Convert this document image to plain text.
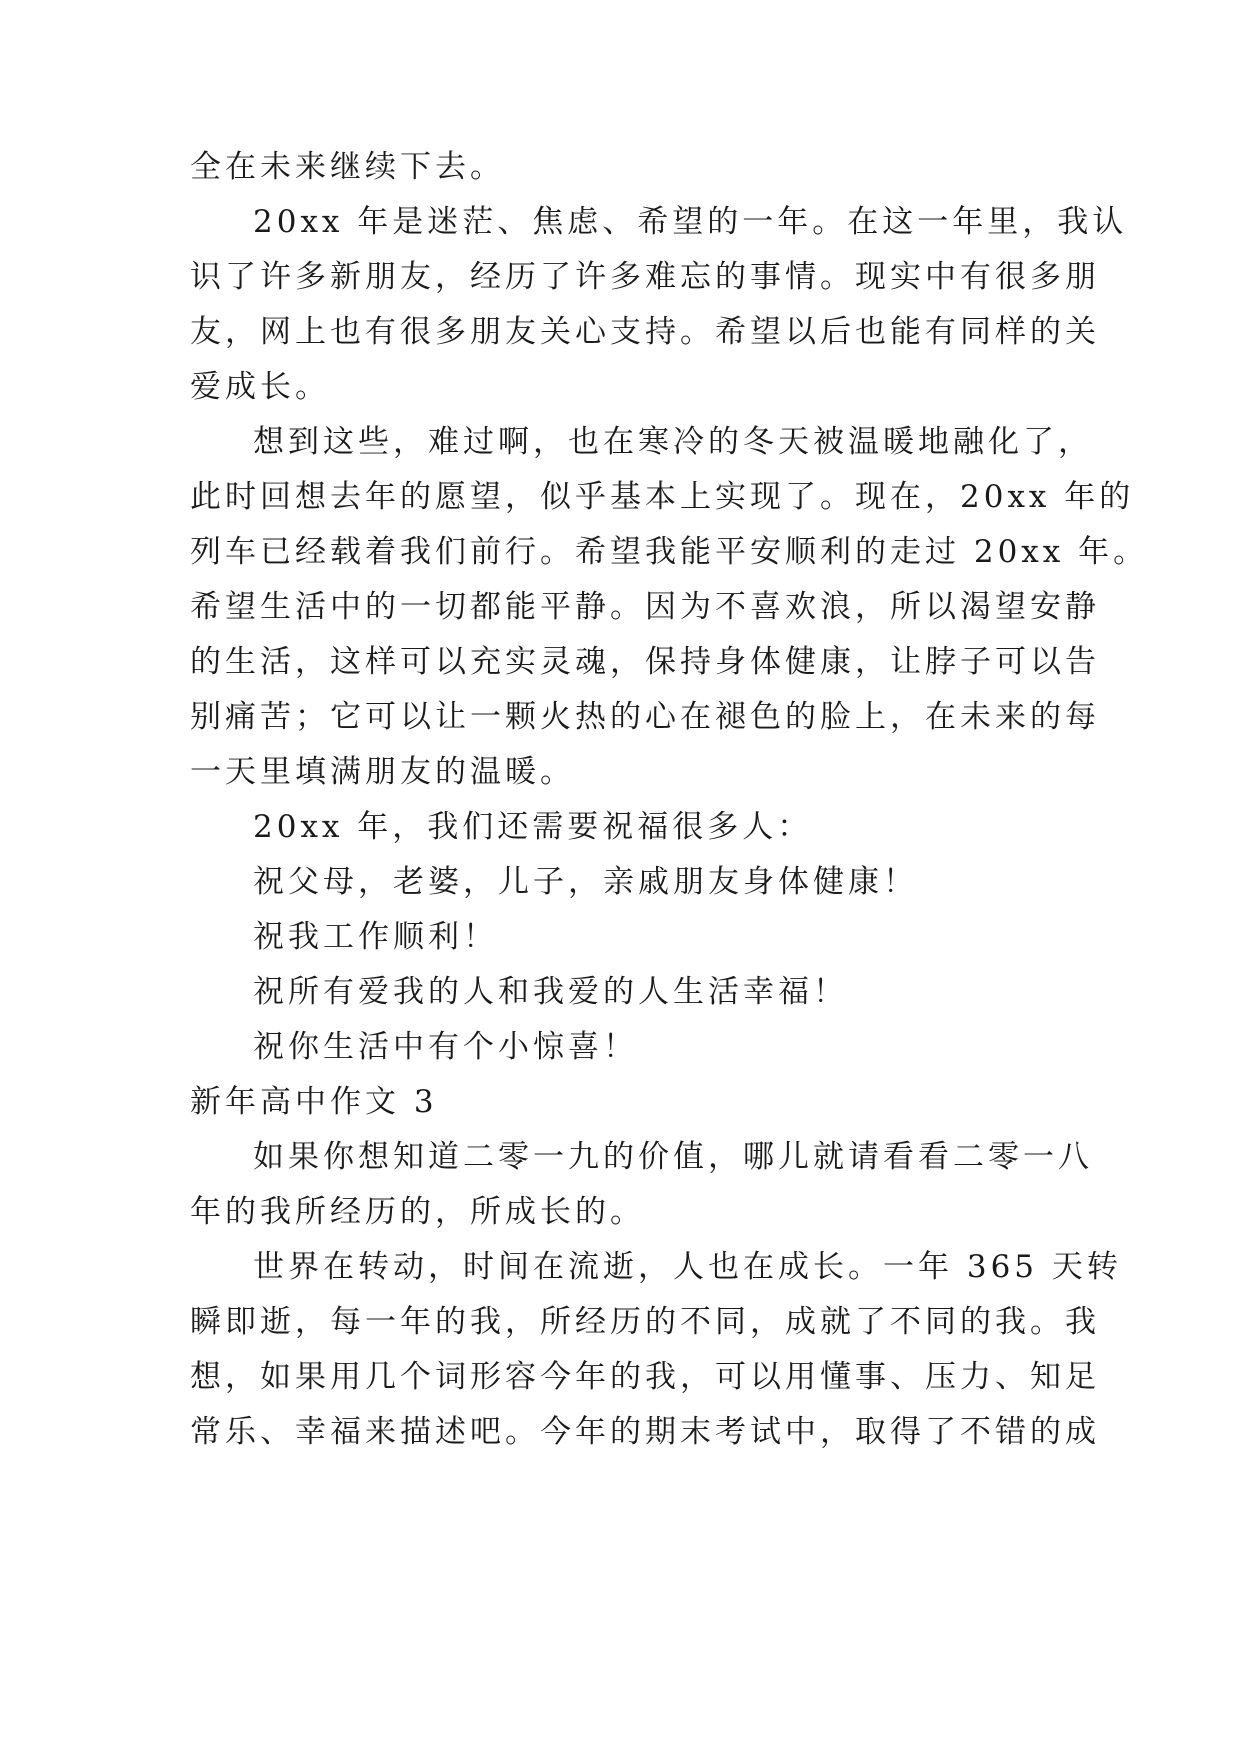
全在未来继续下去。
20xx 年是迷茫、焦虑、希望的一年。在这一年里，我认
识了许多新朋友，经历了许多难忘的事情。现实中有很多朋
友，网上也有很多朋友关心支持。希望以后也能有同样的关
爱成长。
想到这些，难过啊，也在寒冷的冬天被温暖地融化了，
此时回想去年的愿望，似乎基本上实现了。现在，20xx 年的
列车已经载着我们前行。希望我能平安顺利的走过 20xx 年。
希望生活中的一切都能平静。因为不喜欢浪，所以渴望安静
的生活，这样可以充实灵魂，保持身体健康，让脖子可以告
别痛苦；它可以让一颗火热的心在褪色的脸上，在未来的每
一天里填满朋友的温暖。
20xx 年，我们还需要祝福很多人：
祝父母，老婆，儿子，亲戚朋友身体健康！
祝我工作顺利！
祝所有爱我的人和我爱的人生活幸福！
祝你生活中有个小惊喜！
新年高中作文 3
如果你想知道二零一九的价值，哪儿就请看看二零一八
年的我所经历的，所成长的。
世界在转动，时间在流逝，人也在成长。一年 365 天转
瞬即逝，每一年的我，所经历的不同，成就了不同的我。我
想，如果用几个词形容今年的我，可以用懂事、压力、知足
常乐、幸福来描述吧。今年的期末考试中，取得了不错的成
